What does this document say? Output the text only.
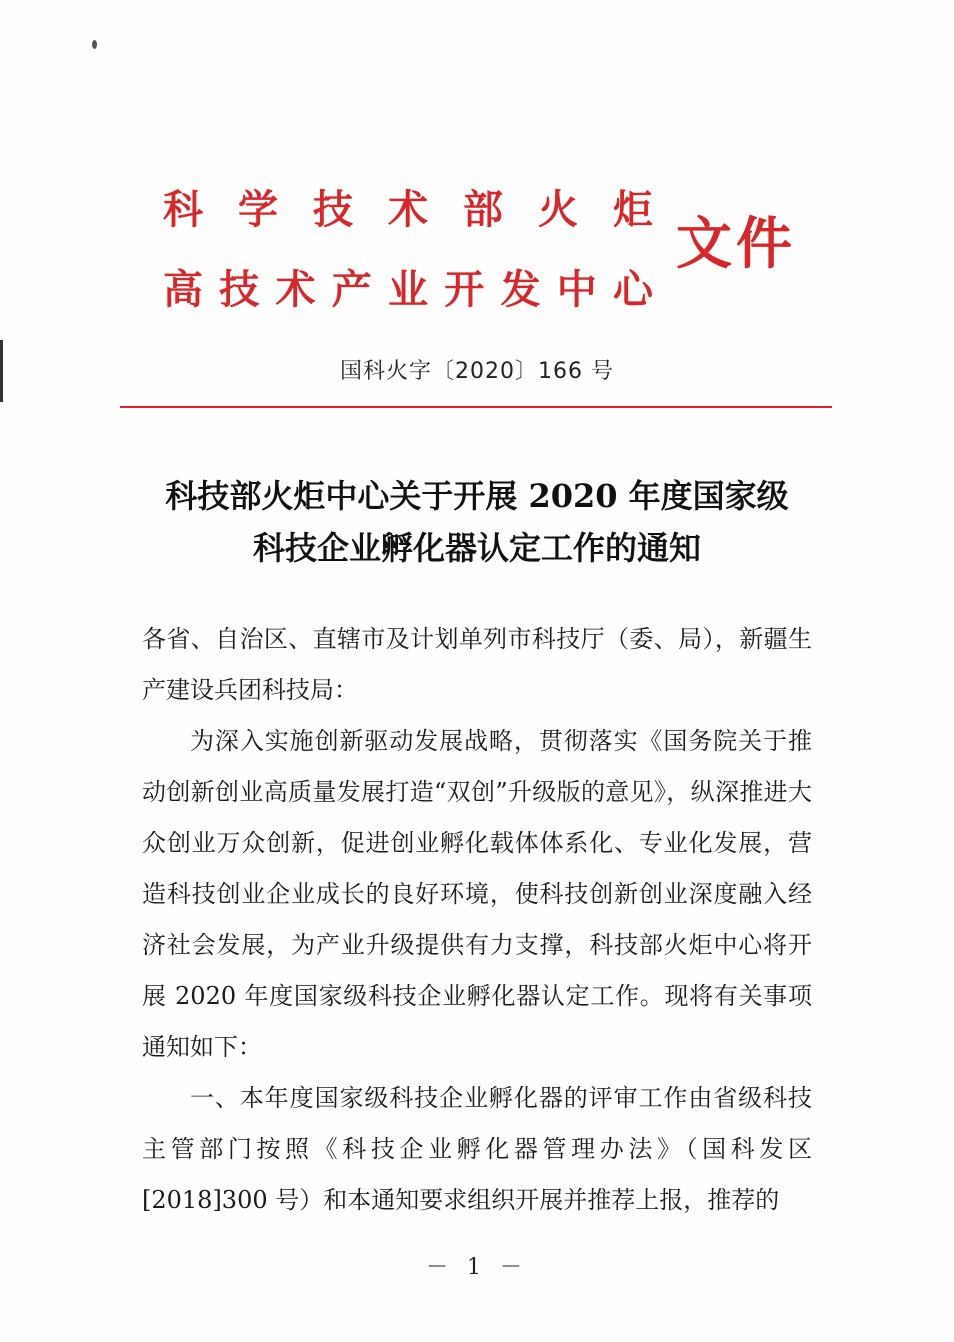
科 学 技 术 部 火 炬
高 技 术 产 业 开 发 中 心
文件
国科火字〔2020〕166 号
科技部火炬中心关于开展 2020 年度国家级
科技企业孵化器认定工作的通知

各省、自治区、直辖市及计划单列市科技厅（委、局），新疆生产建设兵团科技局：

为深入实施创新驱动发展战略，贯彻落实《国务院关于推动创新创业高质量发展打造“双创”升级版的意见》，纵深推进大众创业万众创新，促进创业孵化载体体系化、专业化发展，营造科技创业企业成长的良好环境，使科技创新创业深度融入经济社会发展，为产业升级提供有力支撑，科技部火炬中心将开展 2020 年度国家级科技企业孵化器认定工作。现将有关事项通知如下：

一、本年度国家级科技企业孵化器的评审工作由省级科技主管部门按照《科技企业孵化器管理办法》（国科发区[2018]300 号）和本通知要求组织开展并推荐上报，推荐的

－ 1 －
